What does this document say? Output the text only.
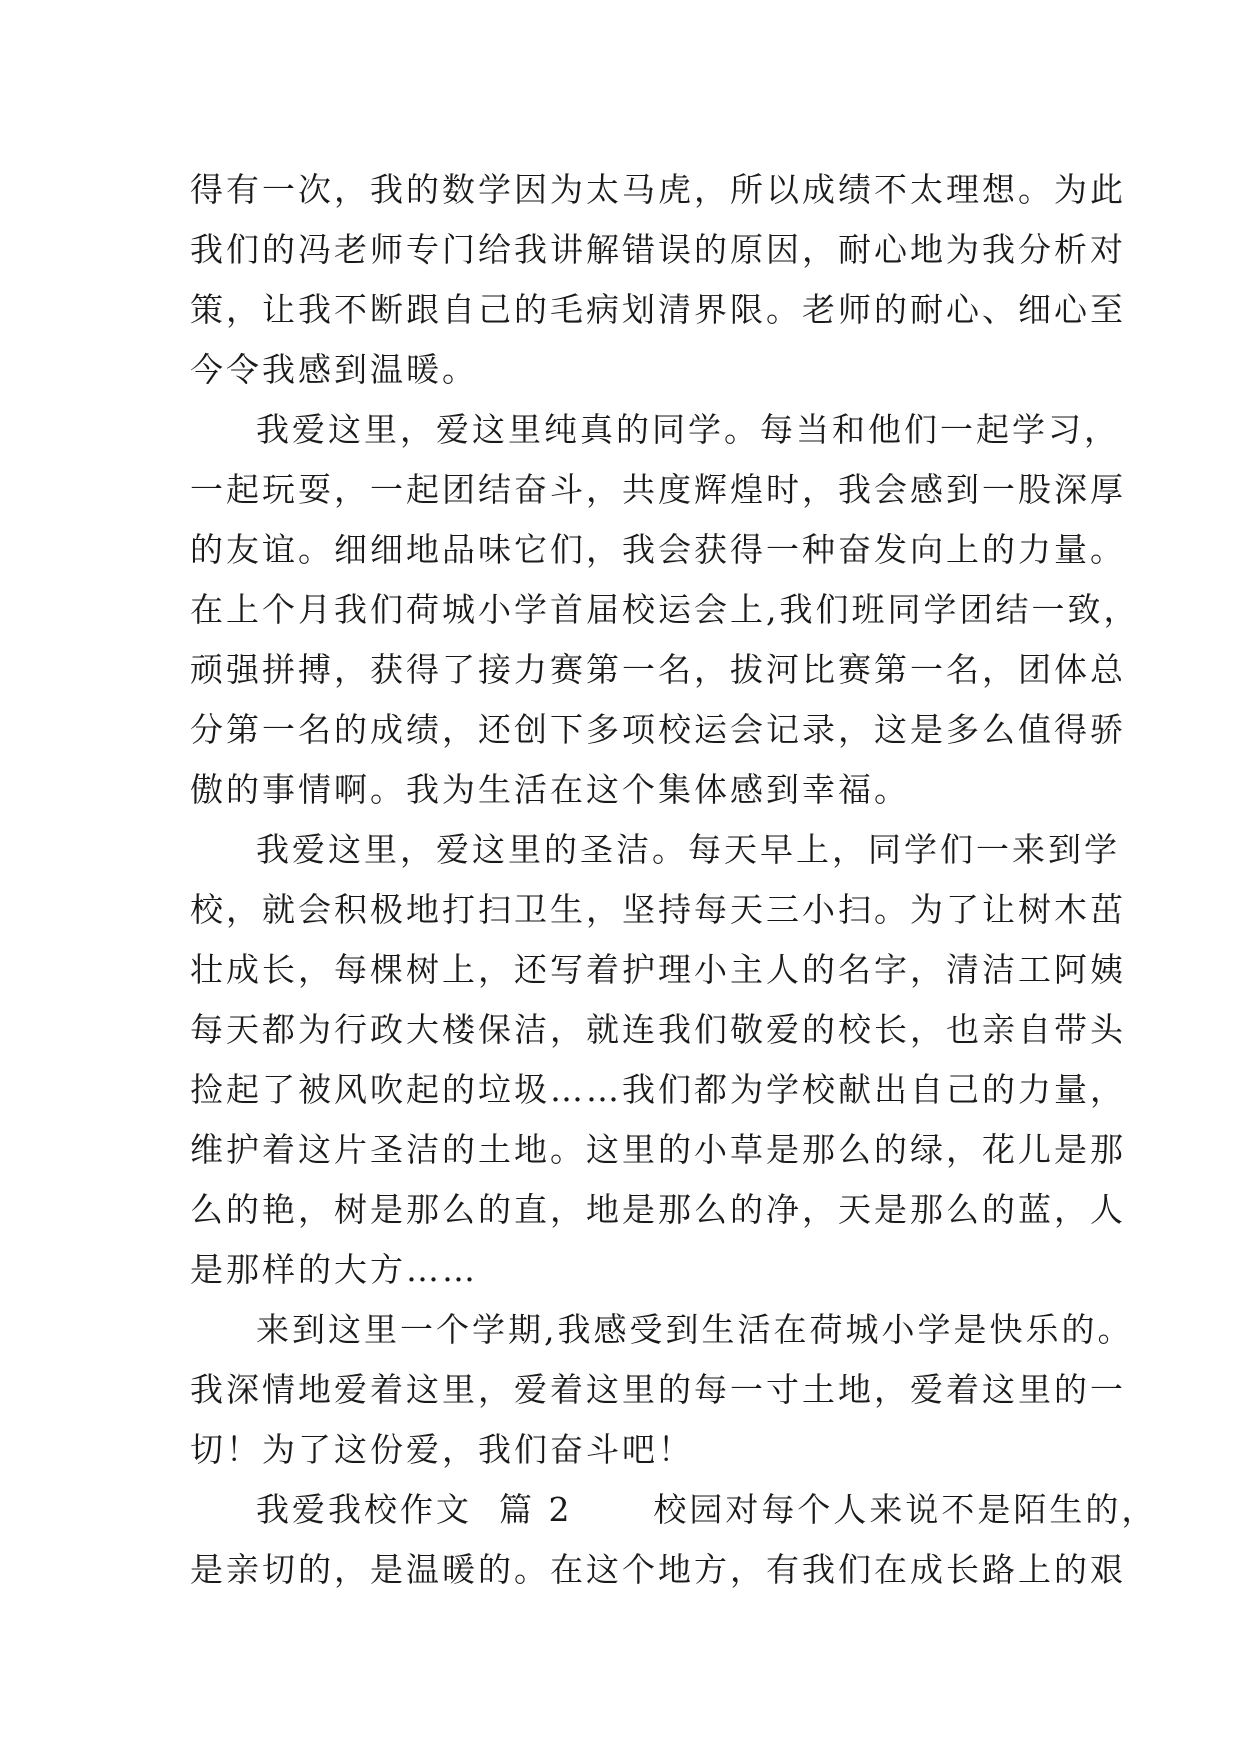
得有一次，我的数学因为太马虎，所以成绩不太理想。为此
我们的冯老师专门给我讲解错误的原因，耐心地为我分析对
策，让我不断跟自己的毛病划清界限。老师的耐心、细心至
今令我感到温暖。
我爱这里，爱这里纯真的同学。每当和他们一起学习，
一起玩耍，一起团结奋斗，共度辉煌时，我会感到一股深厚
的友谊。细细地品味它们，我会获得一种奋发向上的力量。
在上个月我们荷城小学首届校运会上,我们班同学团结一致，
顽强拼搏，获得了接力赛第一名，拔河比赛第一名，团体总
分第一名的成绩，还创下多项校运会记录，这是多么值得骄
傲的事情啊。我为生活在这个集体感到幸福。
我爱这里，爱这里的圣洁。每天早上，同学们一来到学
校，就会积极地打扫卫生，坚持每天三小扫。为了让树木茁
壮成长，每棵树上，还写着护理小主人的名字，清洁工阿姨
每天都为行政大楼保洁，就连我们敬爱的校长，也亲自带头
捡起了被风吹起的垃圾……我们都为学校献出自己的力量，
维护着这片圣洁的土地。这里的小草是那么的绿，花儿是那
么的艳，树是那么的直，地是那么的净，天是那么的蓝，人
是那样的大方……
来到这里一个学期,我感受到生活在荷城小学是快乐的。
我深情地爱着这里，爱着这里的每一寸土地，爱着这里的一
切！为了这份爱，我们奋斗吧！
我爱我校作文  篇 2      校园对每个人来说不是陌生的，
是亲切的，是温暖的。在这个地方，有我们在成长路上的艰
